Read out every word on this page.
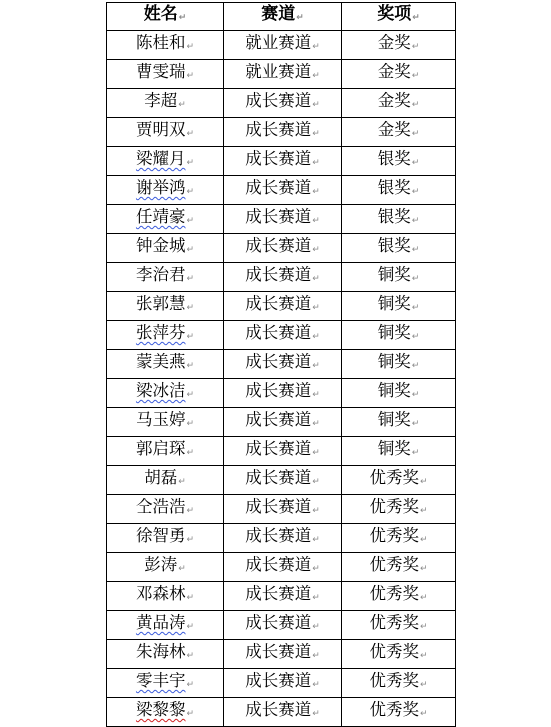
姓名↵	赛道↵	奖项↵
陈桂和↵	就业赛道↵	金奖↵
曹雯瑞↵	就业赛道↵	金奖↵
李超↵	成长赛道↵	金奖↵
贾明双↵	成长赛道↵	金奖↵
梁耀月↵	成长赛道↵	银奖↵
谢举鸿↵	成长赛道↵	银奖↵
任靖豪↵	成长赛道↵	银奖↵
钟金城↵	成长赛道↵	银奖↵
李治君↵	成长赛道↵	铜奖↵
张郭慧↵	成长赛道↵	铜奖↵
张萍芬↵	成长赛道↵	铜奖↵
蒙美燕↵	成长赛道↵	铜奖↵
梁冰洁↵	成长赛道↵	铜奖↵
马玉婷↵	成长赛道↵	铜奖↵
郭启琛↵	成长赛道↵	铜奖↵
胡磊↵	成长赛道↵	优秀奖↵
仝浩浩↵	成长赛道↵	优秀奖↵
徐智勇↵	成长赛道↵	优秀奖↵
彭涛↵	成长赛道↵	优秀奖↵
邓森林↵	成长赛道↵	优秀奖↵
黄品涛↵	成长赛道↵	优秀奖↵
朱海林↵	成长赛道↵	优秀奖↵
零丰宇↵	成长赛道↵	优秀奖↵
梁黎黎↵	成长赛道↵	优秀奖↵
